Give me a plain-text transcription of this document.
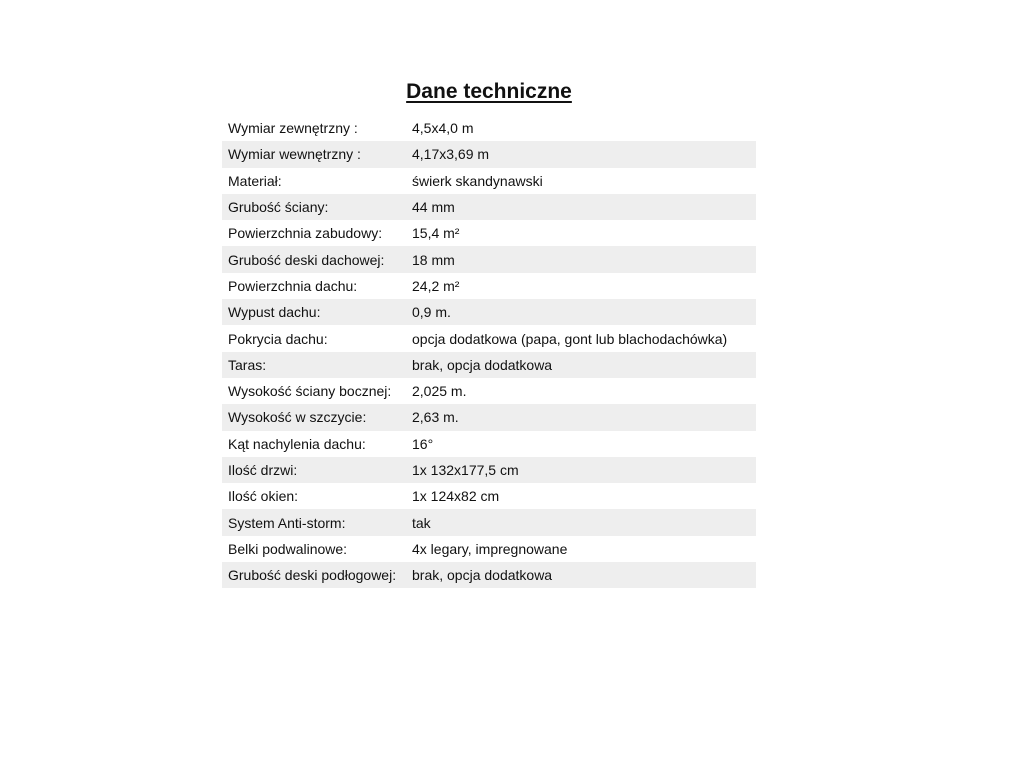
Dane techniczne
Wymiar zewnętrzny :	4,5x4,0 m
Wymiar wewnętrzny :	4,17x3,69 m
Materiał:	świerk skandynawski
Grubość ściany:	44 mm
Powierzchnia zabudowy:	15,4 m²
Grubość deski dachowej:	18 mm
Powierzchnia dachu:	24,2 m²
Wypust dachu:	0,9 m.
Pokrycia dachu:	opcja dodatkowa (papa, gont lub blachodachówka)
Taras:	brak, opcja dodatkowa
Wysokość ściany bocznej:	2,025 m.
Wysokość w szczycie:	2,63 m.
Kąt nachylenia dachu:	16°
Ilość drzwi:	1x 132x177,5 cm
Ilość okien:	1x 124x82 cm
System Anti-storm:	tak
Belki podwalinowe:	4x legary, impregnowane
Grubość deski podłogowej:	brak, opcja dodatkowa
